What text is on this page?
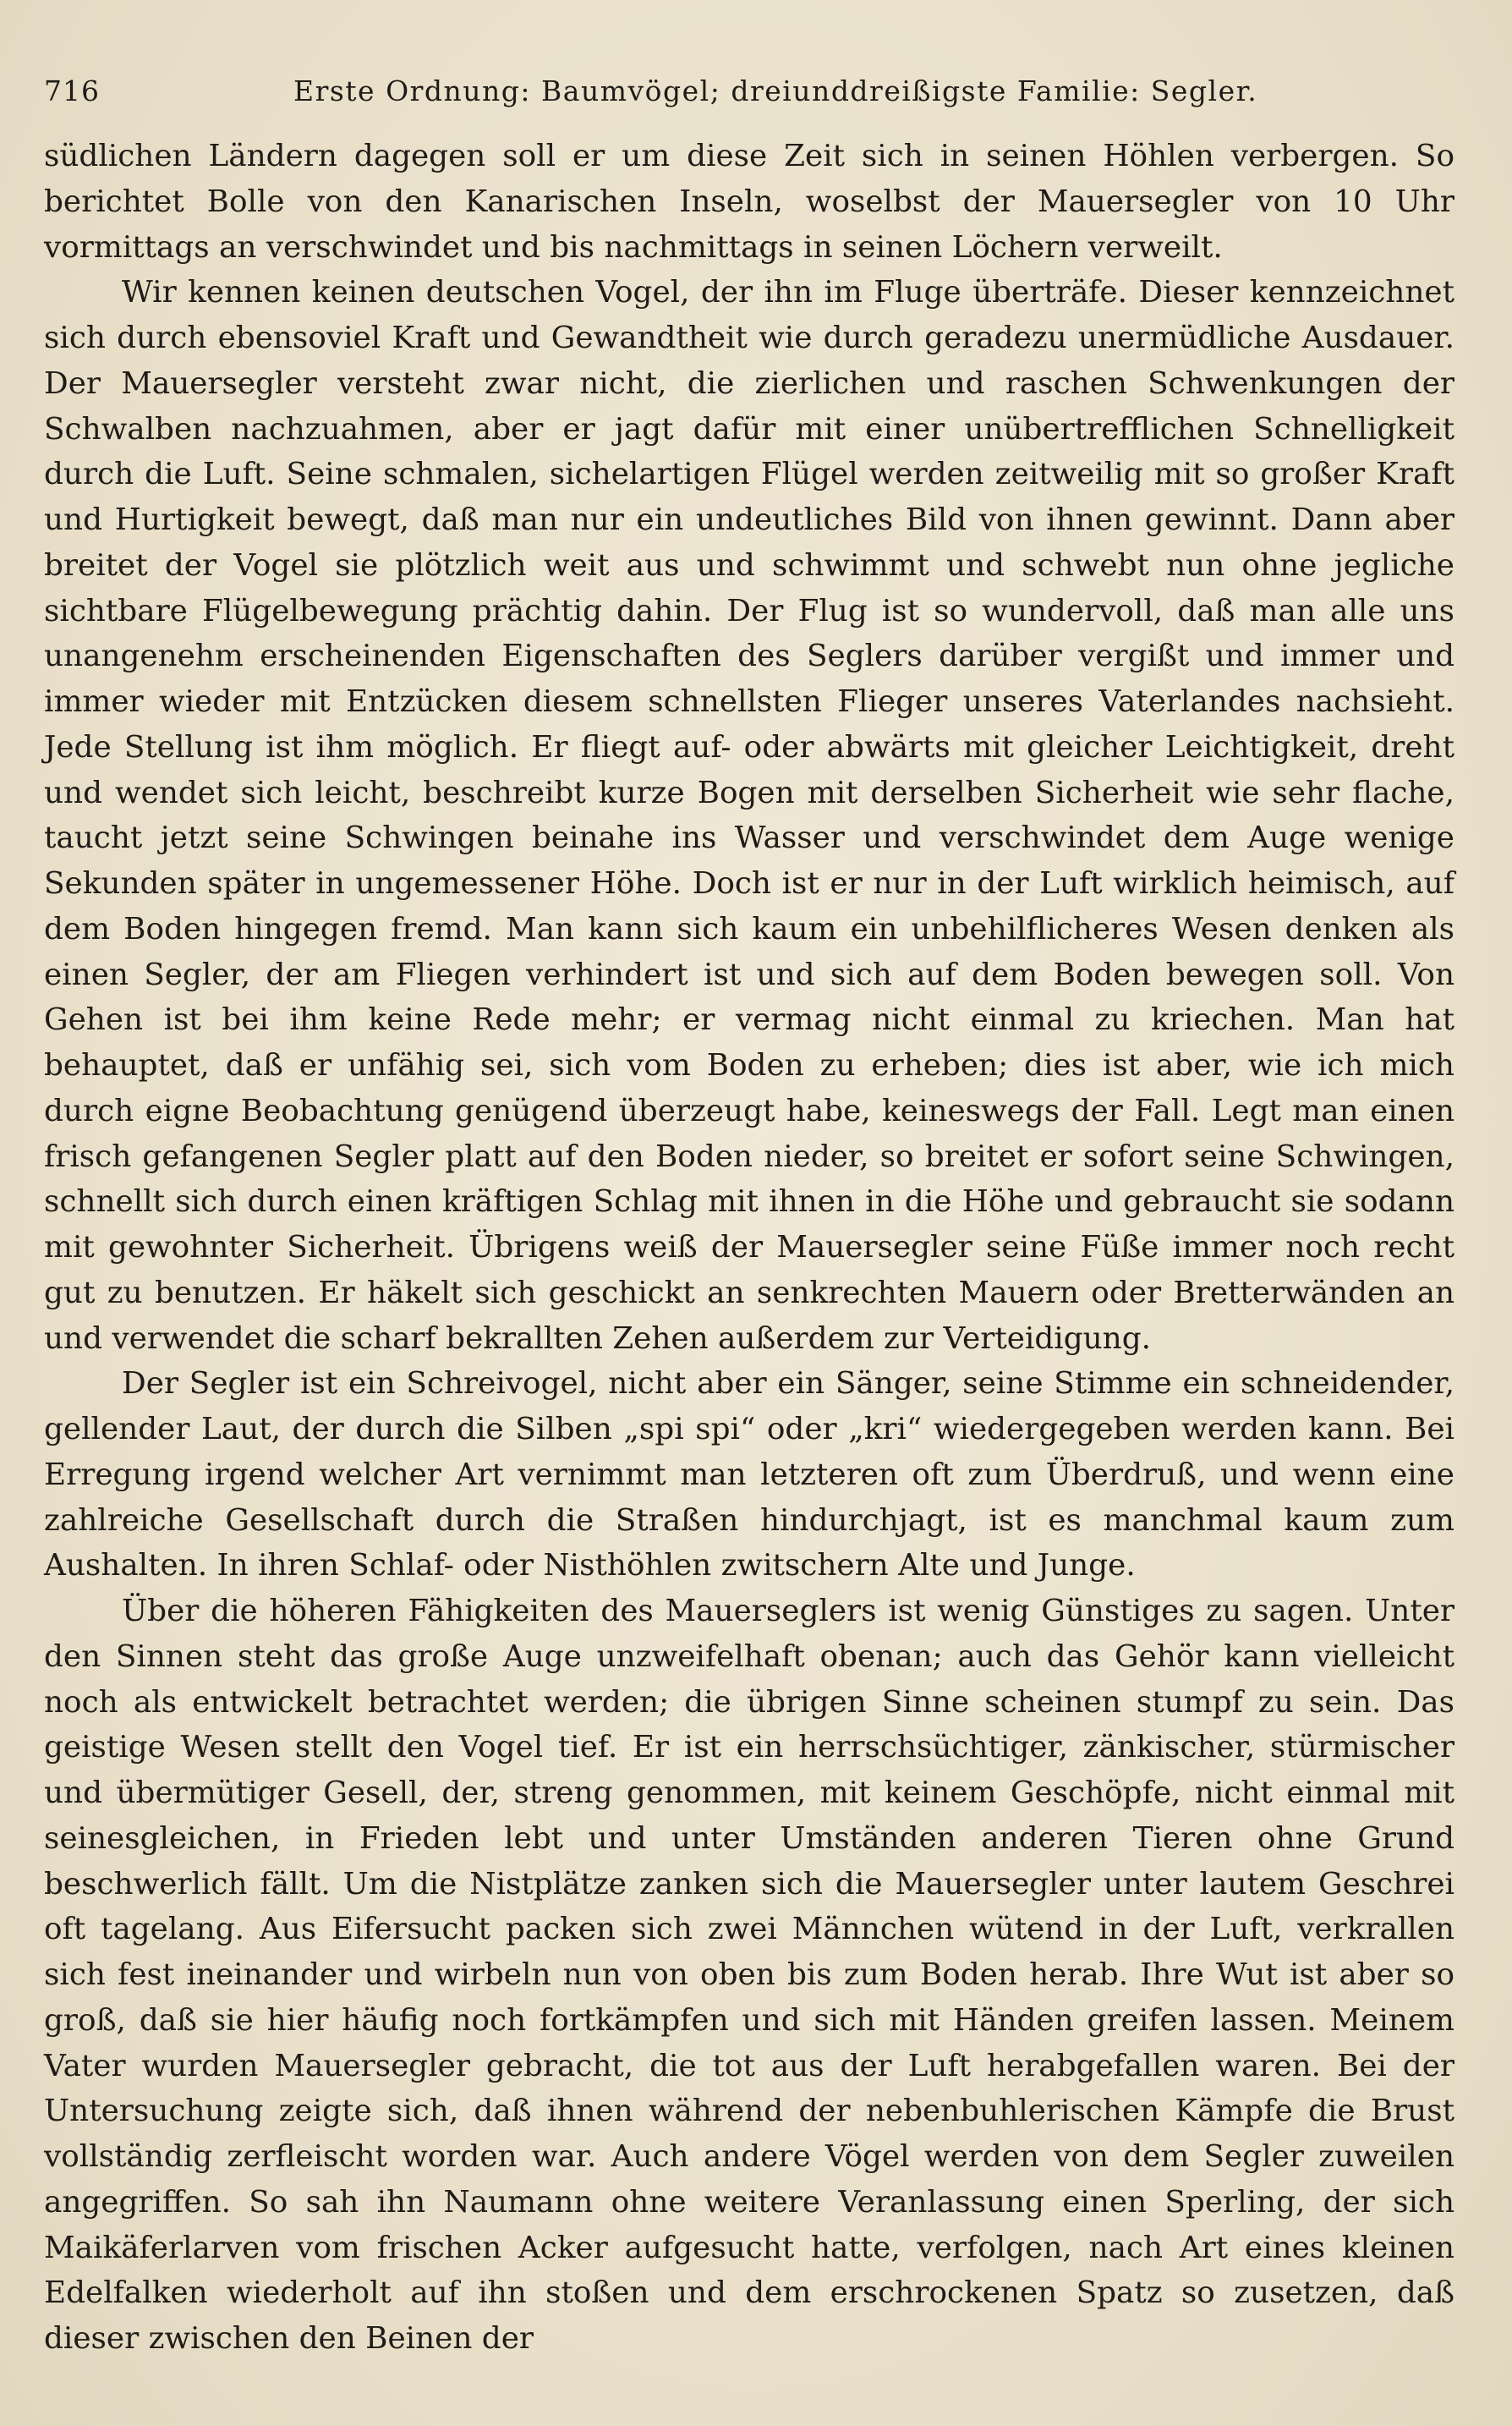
716	Erste Ordnung: Baumvögel; dreiunddreißigste Familie: Segler.

südlichen Ländern dagegen soll er um diese Zeit sich in seinen Höhlen verbergen. So berichtet Bolle von den Kanarischen Inseln, woselbst der Mauersegler von 10 Uhr vormittags an verschwindet und bis nachmittags in seinen Löchern verweilt.

Wir kennen keinen deutschen Vogel, der ihn im Fluge überträfe. Dieser kennzeichnet sich durch ebensoviel Kraft und Gewandtheit wie durch geradezu unermüdliche Ausdauer. Der Mauersegler versteht zwar nicht, die zierlichen und raschen Schwenkungen der Schwalben nachzuahmen, aber er jagt dafür mit einer unübertrefflichen Schnelligkeit durch die Luft. Seine schmalen, sichelartigen Flügel werden zeitweilig mit so großer Kraft und Hurtigkeit bewegt, daß man nur ein undeutliches Bild von ihnen gewinnt. Dann aber breitet der Vogel sie plötzlich weit aus und schwimmt und schwebt nun ohne jegliche sichtbare Flügelbewegung prächtig dahin. Der Flug ist so wundervoll, daß man alle uns unangenehm erscheinenden Eigenschaften des Seglers darüber vergißt und immer und immer wieder mit Entzücken diesem schnellsten Flieger unseres Vaterlandes nachsieht. Jede Stellung ist ihm möglich. Er fliegt auf- oder abwärts mit gleicher Leichtigkeit, dreht und wendet sich leicht, beschreibt kurze Bogen mit derselben Sicherheit wie sehr flache, taucht jetzt seine Schwingen beinahe ins Wasser und verschwindet dem Auge wenige Sekunden später in ungemessener Höhe. Doch ist er nur in der Luft wirklich heimisch, auf dem Boden hingegen fremd. Man kann sich kaum ein unbehilflicheres Wesen denken als einen Segler, der am Fliegen verhindert ist und sich auf dem Boden bewegen soll. Von Gehen ist bei ihm keine Rede mehr; er vermag nicht einmal zu kriechen. Man hat behauptet, daß er unfähig sei, sich vom Boden zu erheben; dies ist aber, wie ich mich durch eigne Beobachtung genügend überzeugt habe, keineswegs der Fall. Legt man einen frisch gefangenen Segler platt auf den Boden nieder, so breitet er sofort seine Schwingen, schnellt sich durch einen kräftigen Schlag mit ihnen in die Höhe und gebraucht sie sodann mit gewohnter Sicherheit. Übrigens weiß der Mauersegler seine Füße immer noch recht gut zu benutzen. Er häkelt sich geschickt an senkrechten Mauern oder Bretterwänden an und verwendet die scharf bekrallten Zehen außerdem zur Verteidigung.

Der Segler ist ein Schreivogel, nicht aber ein Sänger, seine Stimme ein schneidender, gellender Laut, der durch die Silben „spi spi“ oder „kri“ wiedergegeben werden kann. Bei Erregung irgend welcher Art vernimmt man letzteren oft zum Überdruß, und wenn eine zahlreiche Gesellschaft durch die Straßen hindurchjagt, ist es manchmal kaum zum Aushalten. In ihren Schlaf- oder Nisthöhlen zwitschern Alte und Junge.

Über die höheren Fähigkeiten des Mauerseglers ist wenig Günstiges zu sagen. Unter den Sinnen steht das große Auge unzweifelhaft obenan; auch das Gehör kann vielleicht noch als entwickelt betrachtet werden; die übrigen Sinne scheinen stumpf zu sein. Das geistige Wesen stellt den Vogel tief. Er ist ein herrschsüchtiger, zänkischer, stürmischer und übermütiger Gesell, der, streng genommen, mit keinem Geschöpfe, nicht einmal mit seinesgleichen, in Frieden lebt und unter Umständen anderen Tieren ohne Grund beschwerlich fällt. Um die Nistplätze zanken sich die Mauersegler unter lautem Geschrei oft tagelang. Aus Eifersucht packen sich zwei Männchen wütend in der Luft, verkrallen sich fest ineinander und wirbeln nun von oben bis zum Boden herab. Ihre Wut ist aber so groß, daß sie hier häufig noch fortkämpfen und sich mit Händen greifen lassen. Meinem Vater wurden Mauersegler gebracht, die tot aus der Luft herabgefallen waren. Bei der Untersuchung zeigte sich, daß ihnen während der nebenbuhlerischen Kämpfe die Brust vollständig zerfleischt worden war. Auch andere Vögel werden von dem Segler zuweilen angegriffen. So sah ihn Naumann ohne weitere Veranlassung einen Sperling, der sich Maikäferlarven vom frischen Acker aufgesucht hatte, verfolgen, nach Art eines kleinen Edelfalken wiederholt auf ihn stoßen und dem erschrockenen Spatz so zusetzen, daß dieser zwischen den Beinen der
